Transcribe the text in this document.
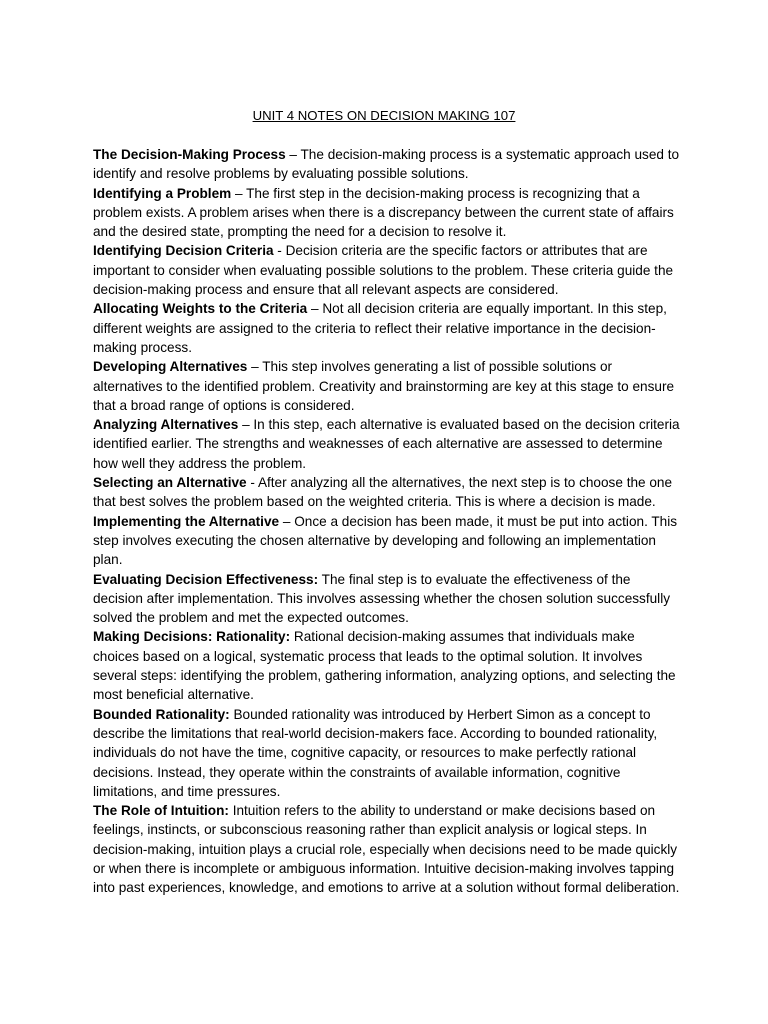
UNIT 4 NOTES ON DECISION MAKING 107

The Decision-Making Process – The decision-making process is a systematic approach used to identify and resolve problems by evaluating possible solutions.

Identifying a Problem – The first step in the decision-making process is recognizing that a problem exists. A problem arises when there is a discrepancy between the current state of affairs and the desired state, prompting the need for a decision to resolve it.

Identifying Decision Criteria - Decision criteria are the specific factors or attributes that are important to consider when evaluating possible solutions to the problem. These criteria guide the decision-making process and ensure that all relevant aspects are considered.

Allocating Weights to the Criteria – Not all decision criteria are equally important. In this step, different weights are assigned to the criteria to reflect their relative importance in the decision-making process.

Developing Alternatives – This step involves generating a list of possible solutions or alternatives to the identified problem. Creativity and brainstorming are key at this stage to ensure that a broad range of options is considered.

Analyzing Alternatives – In this step, each alternative is evaluated based on the decision criteria identified earlier. The strengths and weaknesses of each alternative are assessed to determine how well they address the problem.

Selecting an Alternative - After analyzing all the alternatives, the next step is to choose the one that best solves the problem based on the weighted criteria. This is where a decision is made.

Implementing the Alternative – Once a decision has been made, it must be put into action. This step involves executing the chosen alternative by developing and following an implementation plan.

Evaluating Decision Effectiveness: The final step is to evaluate the effectiveness of the decision after implementation. This involves assessing whether the chosen solution successfully solved the problem and met the expected outcomes.

Making Decisions: Rationality: Rational decision-making assumes that individuals make choices based on a logical, systematic process that leads to the optimal solution. It involves several steps: identifying the problem, gathering information, analyzing options, and selecting the most beneficial alternative.

Bounded Rationality: Bounded rationality was introduced by Herbert Simon as a concept to describe the limitations that real-world decision-makers face. According to bounded rationality, individuals do not have the time, cognitive capacity, or resources to make perfectly rational decisions. Instead, they operate within the constraints of available information, cognitive limitations, and time pressures.

The Role of Intuition: Intuition refers to the ability to understand or make decisions based on feelings, instincts, or subconscious reasoning rather than explicit analysis or logical steps. In decision-making, intuition plays a crucial role, especially when decisions need to be made quickly or when there is incomplete or ambiguous information. Intuitive decision-making involves tapping into past experiences, knowledge, and emotions to arrive at a solution without formal deliberation.
